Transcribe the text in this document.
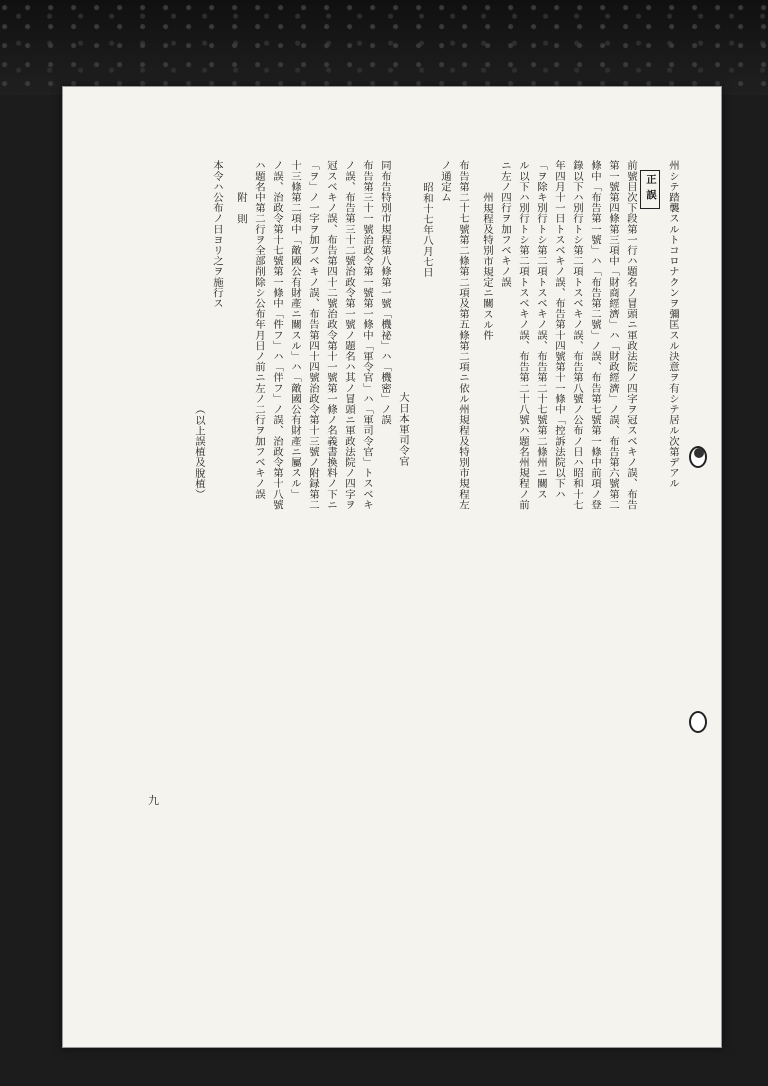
州シテ踏襲スルトコロナクンヲ彌匡スル決意ヲ有シテ居ル次第デアル

正誤

前號目次下段第一行ハ題名ノ冒頭ニ軍政法院ノ四字ヲ冠スベキノ誤、布告

第一號第四條第三項中「財商經濟」ハ「財政經濟」ノ誤、布告第六號第二

條中「布告第一號」ハ「布告第二號」ノ誤、布告第七號第一條中前項ノ登

錄以下ハ別行トシ第二項トスベキノ誤、布告第八號ノ公布ノ日ハ昭和十七

年四月十一日トスベキノ誤、布告第十四號第十一條中「控訴法院以下ハ

「ヲ除キ別行トシ第二項トスベキノ誤、布告第二十七號第二條州ニ關ス

ル以下ハ別行トシ第二項トスベキノ誤、布告第二十八號ハ題名州規程ノ前

ニ左ノ四行ヲ加フベキノ誤

州規程及特別市規定ニ關スル件

布告第二十七號第二條第二項及第五條第二項ニ依ル州規程及特別市規程左

ノ通定ム

昭和十七年八月七日

大日本軍司令官

同布告特別市規程第八條第一號「機祕」ハ「機密」ノ誤

布告第三十一號治政令第一號第一條中「軍令官」ハ「軍司令官」トスベキ

ノ誤、布告第三十二號治政令第一號ノ題名ハ其ノ冒頭ニ軍政法院ノ四字ヲ

冠スベキノ誤、布告第四十二號治政令第十一號第一條ノ名義書換料ノ下ニ

「ヲ」ノ一字ヲ加フベキノ誤、布告第四十四號治政令第十三號ノ附録第二

十三條第二項中「敵國公有財產ニ關スル」ハ「敵國公有財產ニ屬スル」

ノ誤、治政令第十七號第一條中「件フ」ハ「伴フ」ノ誤、治政令第十八號

ハ題名中第二行ヲ全部削除シ公布年月日ノ前ニ左ノ二行ヲ加フベキノ誤

附　則

本令ハ公布ノ日ヨリ之ヲ施行ス

（以上誤植及脫植）

九
